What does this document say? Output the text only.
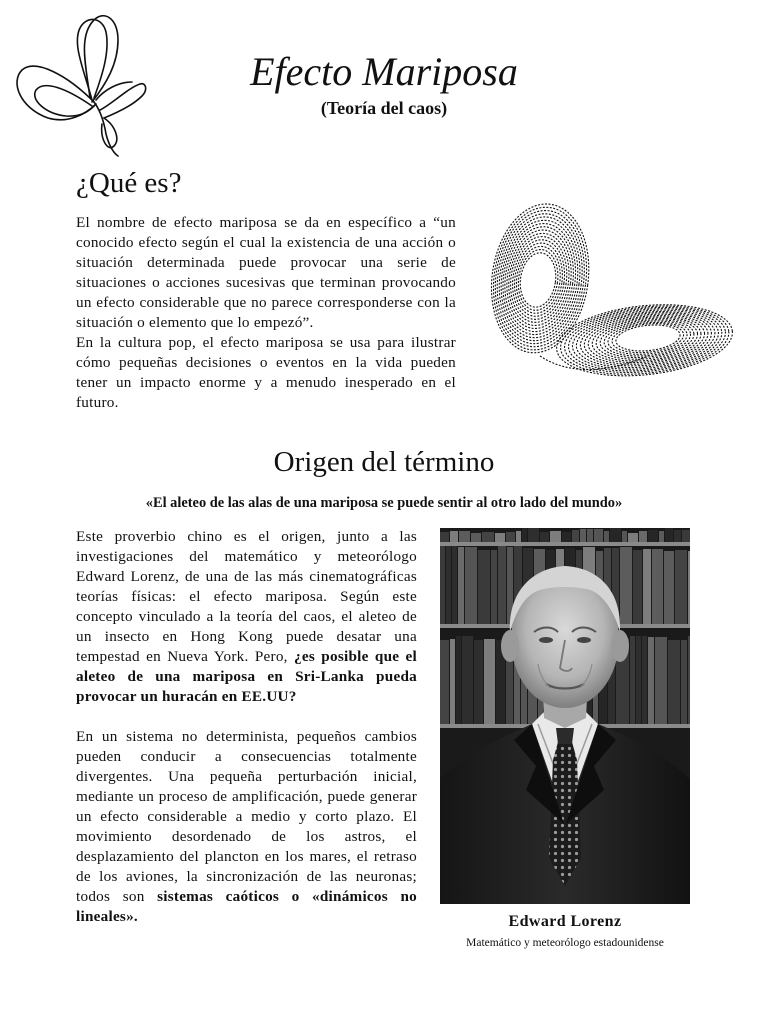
Efecto Mariposa
(Teoría del caos)
¿Qué es?

El nombre de efecto mariposa se da en específico a “un conocido efecto según el cual la existencia de una acción o situación determinada puede provocar una serie de situaciones o acciones sucesivas que terminan provocando un efecto considerable que no parece corresponderse con la situación o elemento que lo empezó”.

En la cultura pop, el efecto mariposa se usa para ilustrar cómo pequeñas decisiones o eventos en la vida pueden tener un impacto enorme y a menudo inesperado en el futuro.

Origen del término
«El aleteo de las alas de una mariposa se puede sentir al otro lado del mundo»

Este proverbio chino es el origen, junto a las investigaciones del matemático y meteorólogo Edward Lorenz, de una de las más cinematográficas teorías físicas: el efecto mariposa. Según este concepto vinculado a la teoría del caos, el aleteo de un insecto en Hong Kong puede desatar una tempestad en Nueva York. Pero, ¿es posible que el aleteo de una mariposa en Sri-Lanka pueda provocar un huracán en EE.UU?

En un sistema no determinista, pequeños cambios pueden conducir a consecuencias totalmente divergentes. Una pequeña perturbación inicial, mediante un proceso de amplificación, puede generar un efecto considerable a medio y corto plazo. El movimiento desordenado de los astros, el desplazamiento del plancton en los mares, el retraso de los aviones, la sincronización de las neuronas; todos son sistemas caóticos o «dinámicos no lineales».	Edward Lorenz
Matemático y meteorólogo estadounidense
